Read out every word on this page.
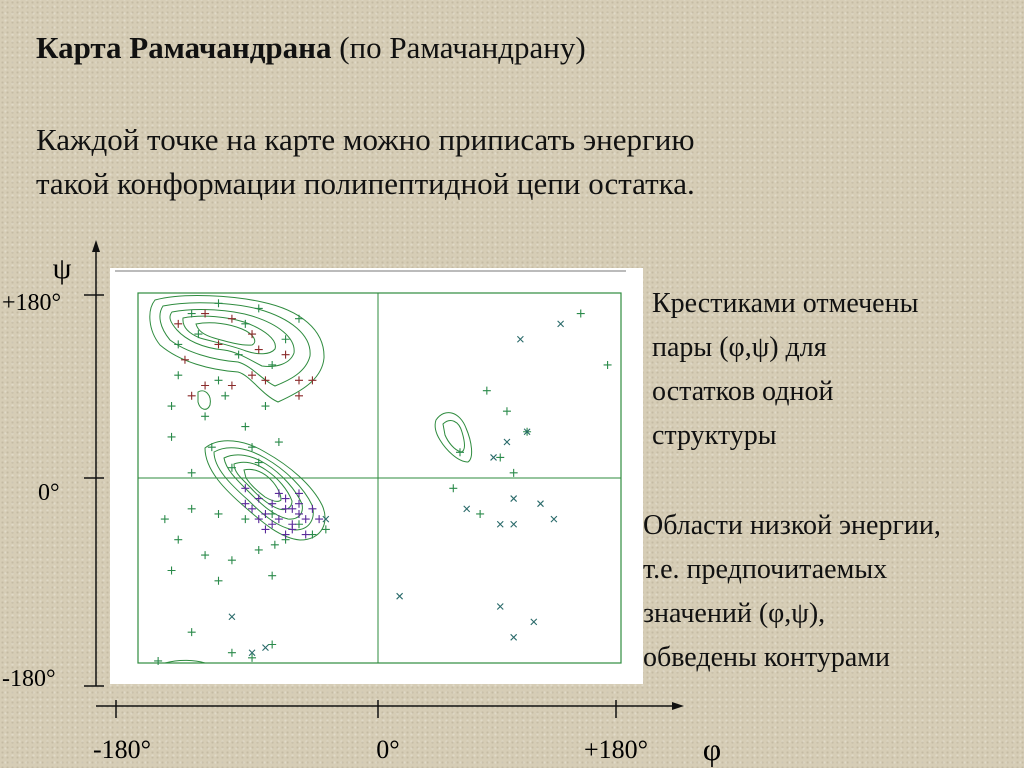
Карта Рамачандрана (по Рамачандрану)
Каждой точке на карте можно приписать энергию
такой конформации полипептидной цепи остатка.
Крестиками отмечены
пары (φ,ψ) для
остатков одной
структуры
Области низкой энергии,
т.е. предпочитаемых
значений (φ,ψ),
обведены контурами
ψ
+180°
0°
-180°
-180°	0°	+180° φ
